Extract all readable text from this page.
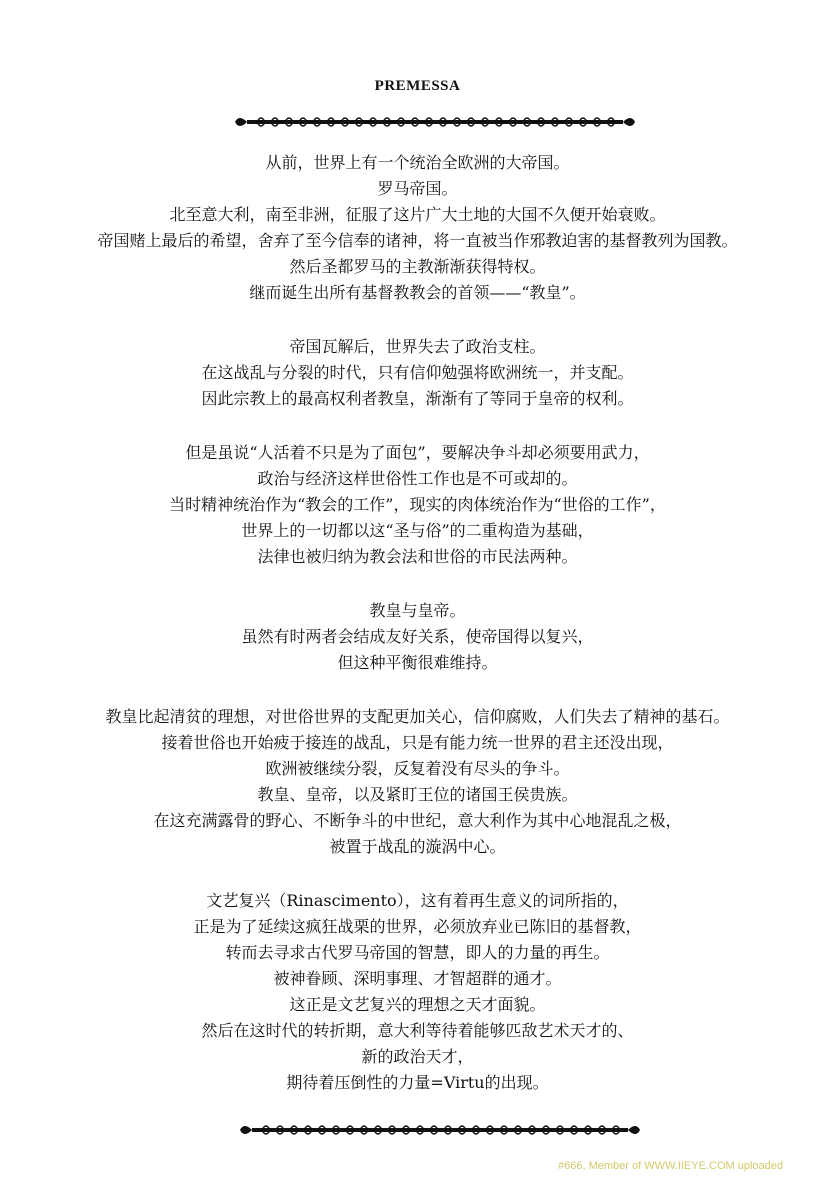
PREMESSA
从前，世界上有一个统治全欧洲的大帝国。
罗马帝国。
北至意大利，南至非洲，征服了这片广大土地的大国不久便开始衰败。
帝国赌上最后的希望，舍弃了至今信奉的诸神，将一直被当作邪教迫害的基督教列为国教。
然后圣都罗马的主教渐渐获得特权。
继而诞生出所有基督教教会的首领——“教皇”。
帝国瓦解后，世界失去了政治支柱。
在这战乱与分裂的时代，只有信仰勉强将欧洲统一，并支配。
因此宗教上的最高权利者教皇，渐渐有了等同于皇帝的权利。
但是虽说“人活着不只是为了面包”，要解决争斗却必须要用武力，
政治与经济这样世俗性工作也是不可或却的。
当时精神统治作为“教会的工作”，现实的肉体统治作为“世俗的工作”，
世界上的一切都以这“圣与俗”的二重构造为基础，
法律也被归纳为教会法和世俗的市民法两种。
教皇与皇帝。
虽然有时两者会结成友好关系，使帝国得以复兴，
但这种平衡很难维持。
教皇比起清贫的理想，对世俗世界的支配更加关心，信仰腐败，人们失去了精神的基石。
接着世俗也开始疲于接连的战乱，只是有能力统一世界的君主还没出现，
欧洲被继续分裂，反复着没有尽头的争斗。
教皇、皇帝，以及紧盯王位的诸国王侯贵族。
在这充满露骨的野心、不断争斗的中世纪，意大利作为其中心地混乱之极，
被置于战乱的漩涡中心。
文艺复兴（Rinascimento），这有着再生意义的词所指的，
正是为了延续这疯狂战栗的世界，必须放弃业已陈旧的基督教，
转而去寻求古代罗马帝国的智慧，即人的力量的再生。
被神眷顾、深明事理、才智超群的通才。
这正是文艺复兴的理想之天才面貌。
然后在这时代的转折期，意大利等待着能够匹敌艺术天才的、
新的政治天才，
期待着压倒性的力量=Virtu的出现。
#666, Member of WWW.IIEYE.COM uploaded
